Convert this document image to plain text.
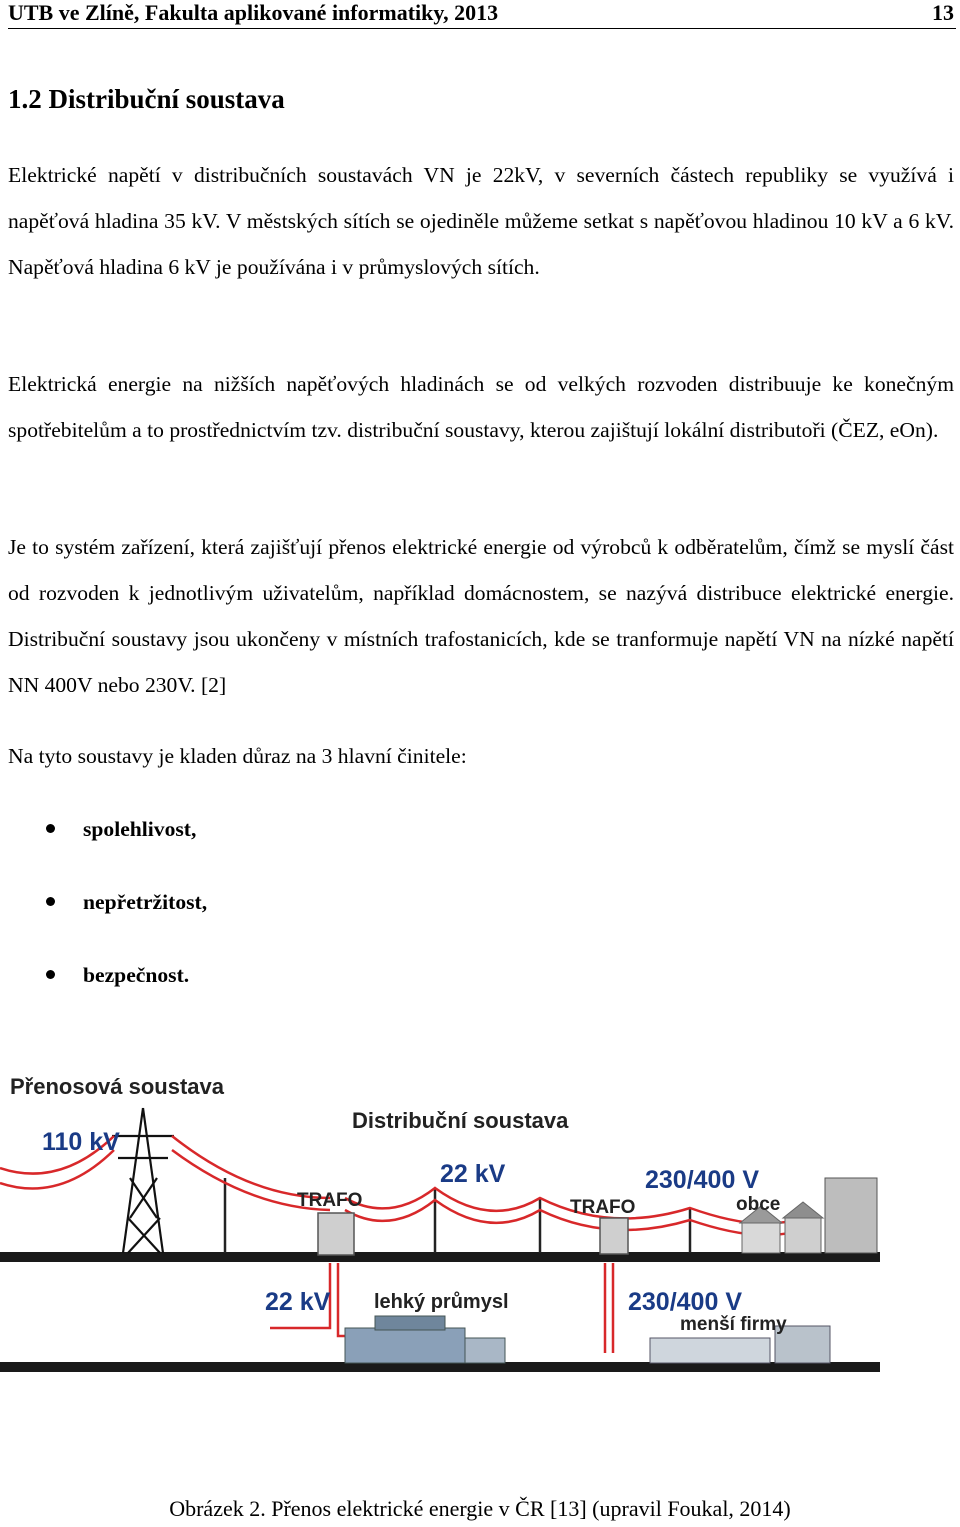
UTB ve Zlíně, Fakulta aplikované informatiky, 2013	13
1.2 Distribuční soustava

Elektrické napětí v distribučních soustavách VN je 22kV, v severních částech republiky se využívá i napěťová hladina 35 kV. V městských sítích se ojediněle můžeme setkat s napěťovou hladinou 10 kV a 6 kV. Napěťová hladina 6 kV je používána i v průmyslových sítích.

Elektrická energie na nižších napěťových hladinách se od velkých rozvoden distribuuje ke konečným spotřebitelům a to prostřednictvím tzv. distribuční soustavy, kterou zajištují lokální distributoři (ČEZ, eOn).

Je to systém zařízení, která zajišťují přenos elektrické energie od výrobců k odběratelům, čímž se myslí část od rozvoden k jednotlivým uživatelům, například domácnostem, se nazývá distribuce elektrické energie. Distribuční soustavy jsou ukončeny v místních trafostanicích, kde se tranformuje napětí VN na nízké napětí NN 400V nebo 230V. [2]

Na tyto soustavy je kladen důraz na 3 hlavní činitele:

spolehlivost,
nepřetržitost,
bezpečnost.
Přenosová soustava
Distribuční soustava
110 kV
22 kV	230/400 V
TRAFO	TRAFO	obce
22 kV lehký průmysl	230/400 V
menší firmy
Obrázek 2. Přenos elektrické energie v ČR [13] (upravil Foukal, 2014)
